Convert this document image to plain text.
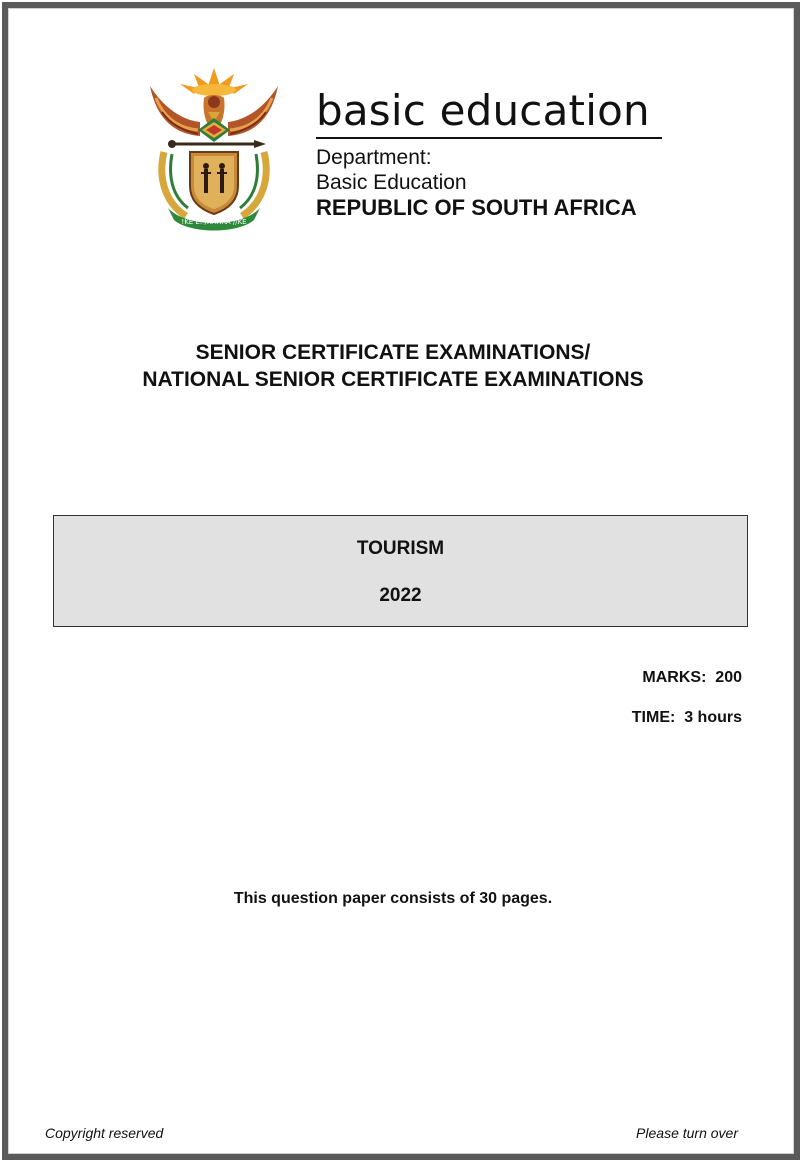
!KE E: /XARRA //KE
basic education
Department:
Basic Education
REPUBLIC OF SOUTH AFRICA
SENIOR CERTIFICATE EXAMINATIONS/
NATIONAL SENIOR CERTIFICATE EXAMINATIONS
TOURISM
2022
MARKS:  200
TIME:  3 hours
This question paper consists of 30 pages.
Copyright reserved	Please turn over
